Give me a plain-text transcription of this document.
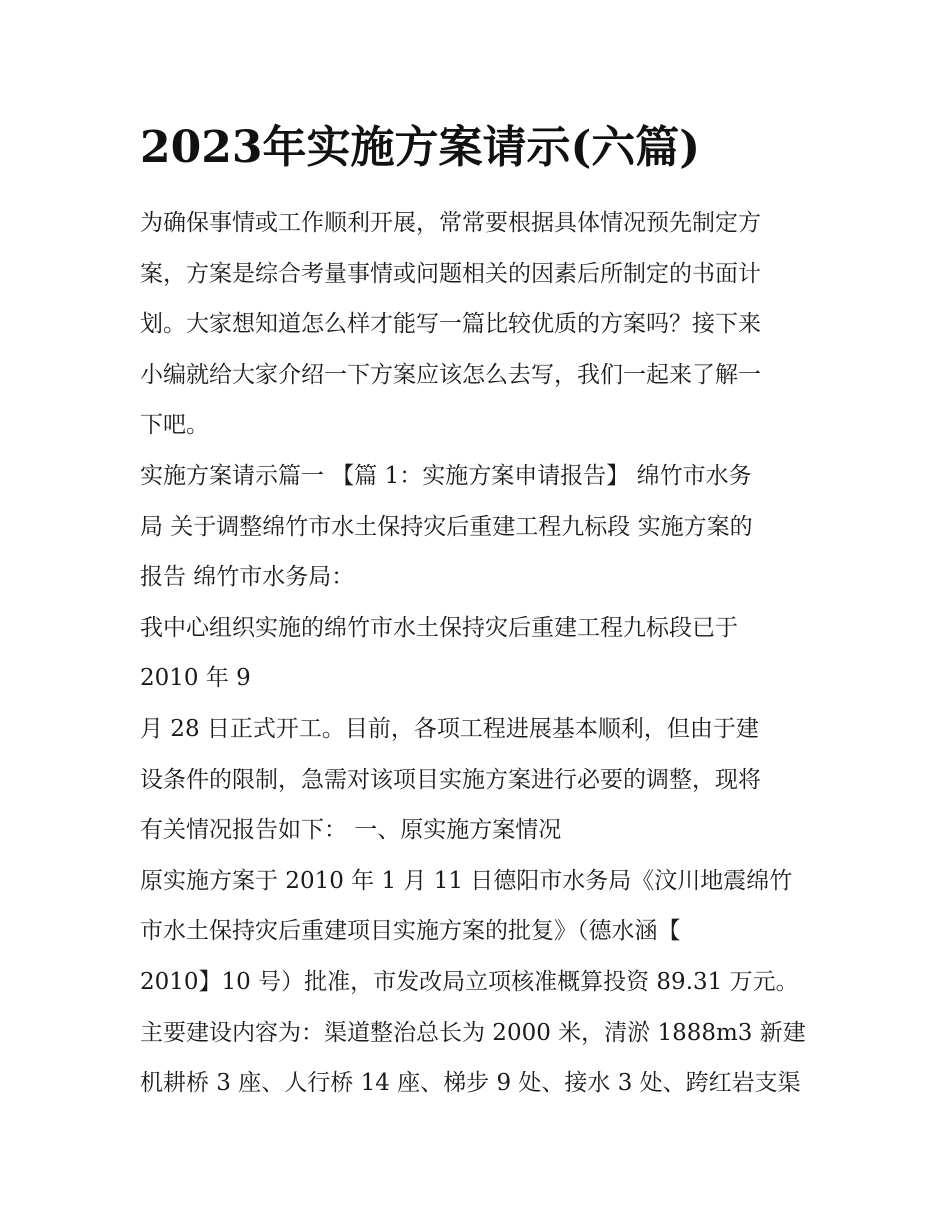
2023年实施方案请示(六篇)
为确保事情或工作顺利开展，常常要根据具体情况预先制定方
案，方案是综合考量事情或问题相关的因素后所制定的书面计
划。大家想知道怎么样才能写一篇比较优质的方案吗？接下来
小编就给大家介绍一下方案应该怎么去写，我们一起来了解一
下吧。
实施方案请示篇一 【篇 1：实施方案申请报告】 绵竹市水务
局 关于调整绵竹市水土保持灾后重建工程九标段 实施方案的
报告 绵竹市水务局：
我中心组织实施的绵竹市水土保持灾后重建工程九标段已于
2010 年 9
月 28 日正式开工。目前，各项工程进展基本顺利，但由于建
设条件的限制，急需对该项目实施方案进行必要的调整，现将
有关情况报告如下： 一、原实施方案情况
原实施方案于 2010 年 1 月 11 日德阳市水务局《汶川地震绵竹
市水土保持灾后重建项目实施方案的批复》（德水涵【
2010】10 号）批准，市发改局立项核准概算投资 89.31 万元。
主要建设内容为：渠道整治总长为 2000 米，清淤 1888m3 新建
机耕桥 3 座、人行桥 14 座、梯步 9 处、接水 3 处、跨红岩支渠
